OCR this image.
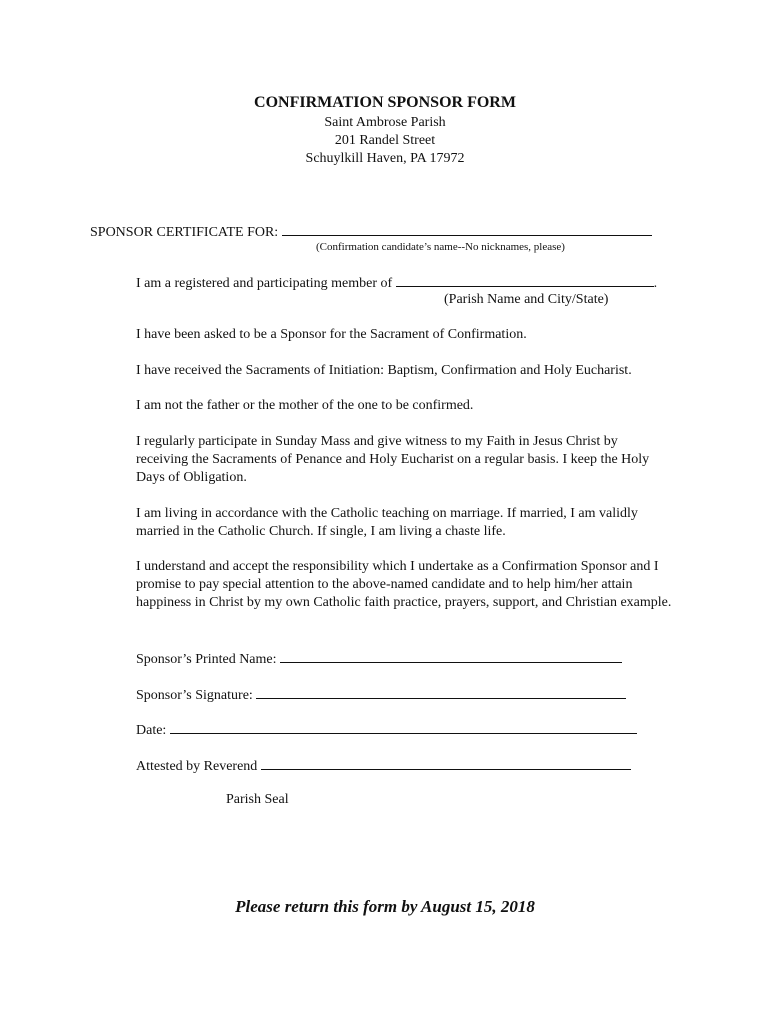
CONFIRMATION SPONSOR FORM
Saint Ambrose Parish
201 Randel Street
Schuylkill Haven, PA 17972
SPONSOR CERTIFICATE FOR:
(Confirmation candidate’s name--No nicknames, please)
I am a registered and participating member of	.
(Parish Name and City/State)
I have been asked to be a Sponsor for the Sacrament of Confirmation.
I have received the Sacraments of Initiation: Baptism, Confirmation and Holy Eucharist.
I am not the father or the mother of the one to be confirmed.
I regularly participate in Sunday Mass and give witness to my Faith in Jesus Christ by receiving the Sacraments of Penance and Holy Eucharist on a regular basis. I keep the Holy Days of Obligation.
I am living in accordance with the Catholic teaching on marriage. If married, I am validly married in the Catholic Church. If single, I am living a chaste life.
I understand and accept the responsibility which I undertake as a Confirmation Sponsor and I promise to pay special attention to the above-named candidate and to help him/her attain happiness in Christ by my own Catholic faith practice, prayers, support, and Christian example.
Sponsor’s Printed Name:
Sponsor’s Signature:
Date:
Attested by Reverend
Parish Seal
Please return this form by August 15, 2018
